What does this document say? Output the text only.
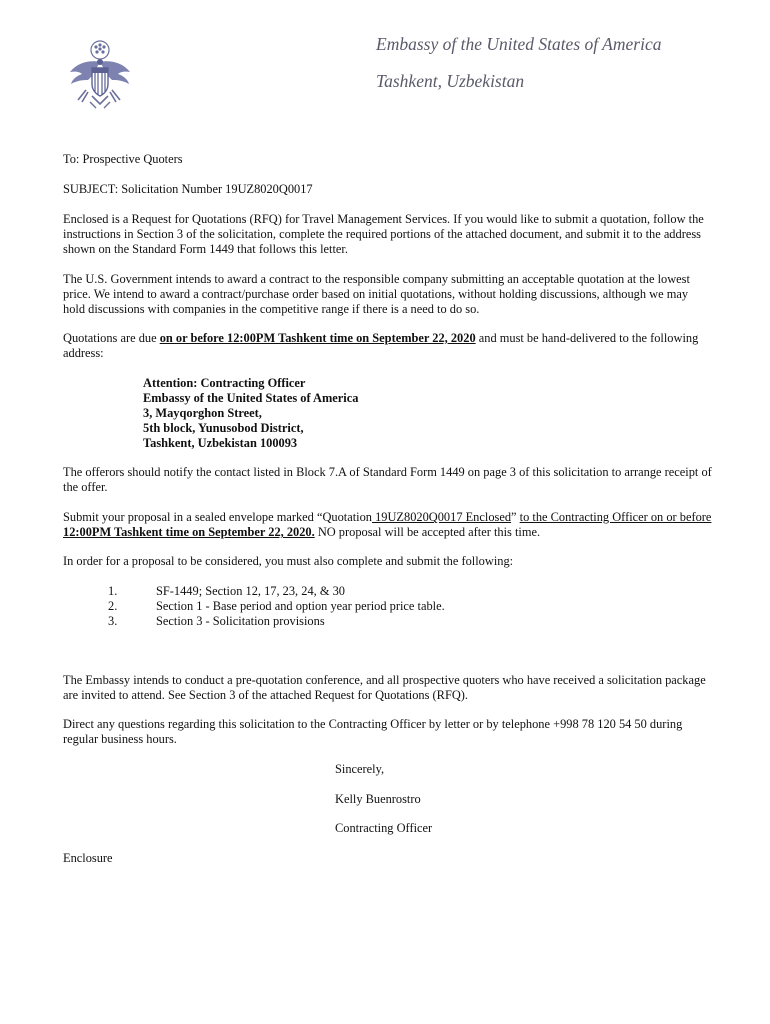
Embassy of the United States of America
Tashkent, Uzbekistan

To: Prospective Quoters

SUBJECT: Solicitation Number 19UZ8020Q0017

Enclosed is a Request for Quotations (RFQ) for Travel Management Services. If you would like to submit a quotation, follow the instructions in Section 3 of the solicitation, complete the required portions of the attached document, and submit it to the address shown on the Standard Form 1449 that follows this letter.

The U.S. Government intends to award a contract to the responsible company submitting an acceptable quotation at the lowest price. We intend to award a contract/purchase order based on initial quotations, without holding discussions, although we may hold discussions with companies in the competitive range if there is a need to do so.

Quotations are due on or before 12:00PM Tashkent time on September 22, 2020 and must be hand-delivered to the following address:

Attention: Contracting Officer
Embassy of the United States of America
3, Mayqorghon Street,
5th block, Yunusobod District,
Tashkent, Uzbekistan 100093

The offerors should notify the contact listed in Block 7.A of Standard Form 1449 on page 3 of this solicitation to arrange receipt of the offer.

Submit your proposal in a sealed envelope marked “Quotation 19UZ8020Q0017 Enclosed” to the Contracting Officer on or before 12:00PM Tashkent time on September 22, 2020. NO proposal will be accepted after this time.

In order for a proposal to be considered, you must also complete and submit the following:

1.	SF-1449; Section 12, 17, 23, 24, & 30
2.	Section 1 - Base period and option year period price table.
3.	Section 3 - Solicitation provisions

The Embassy intends to conduct a pre-quotation conference, and all prospective quoters who have received a solicitation package are invited to attend. See Section 3 of the attached Request for Quotations (RFQ).

Direct any questions regarding this solicitation to the Contracting Officer by letter or by telephone +998 78 120 54 50 during regular business hours.

Sincerely,
Kelly Buenrostro
Contracting Officer

Enclosure
